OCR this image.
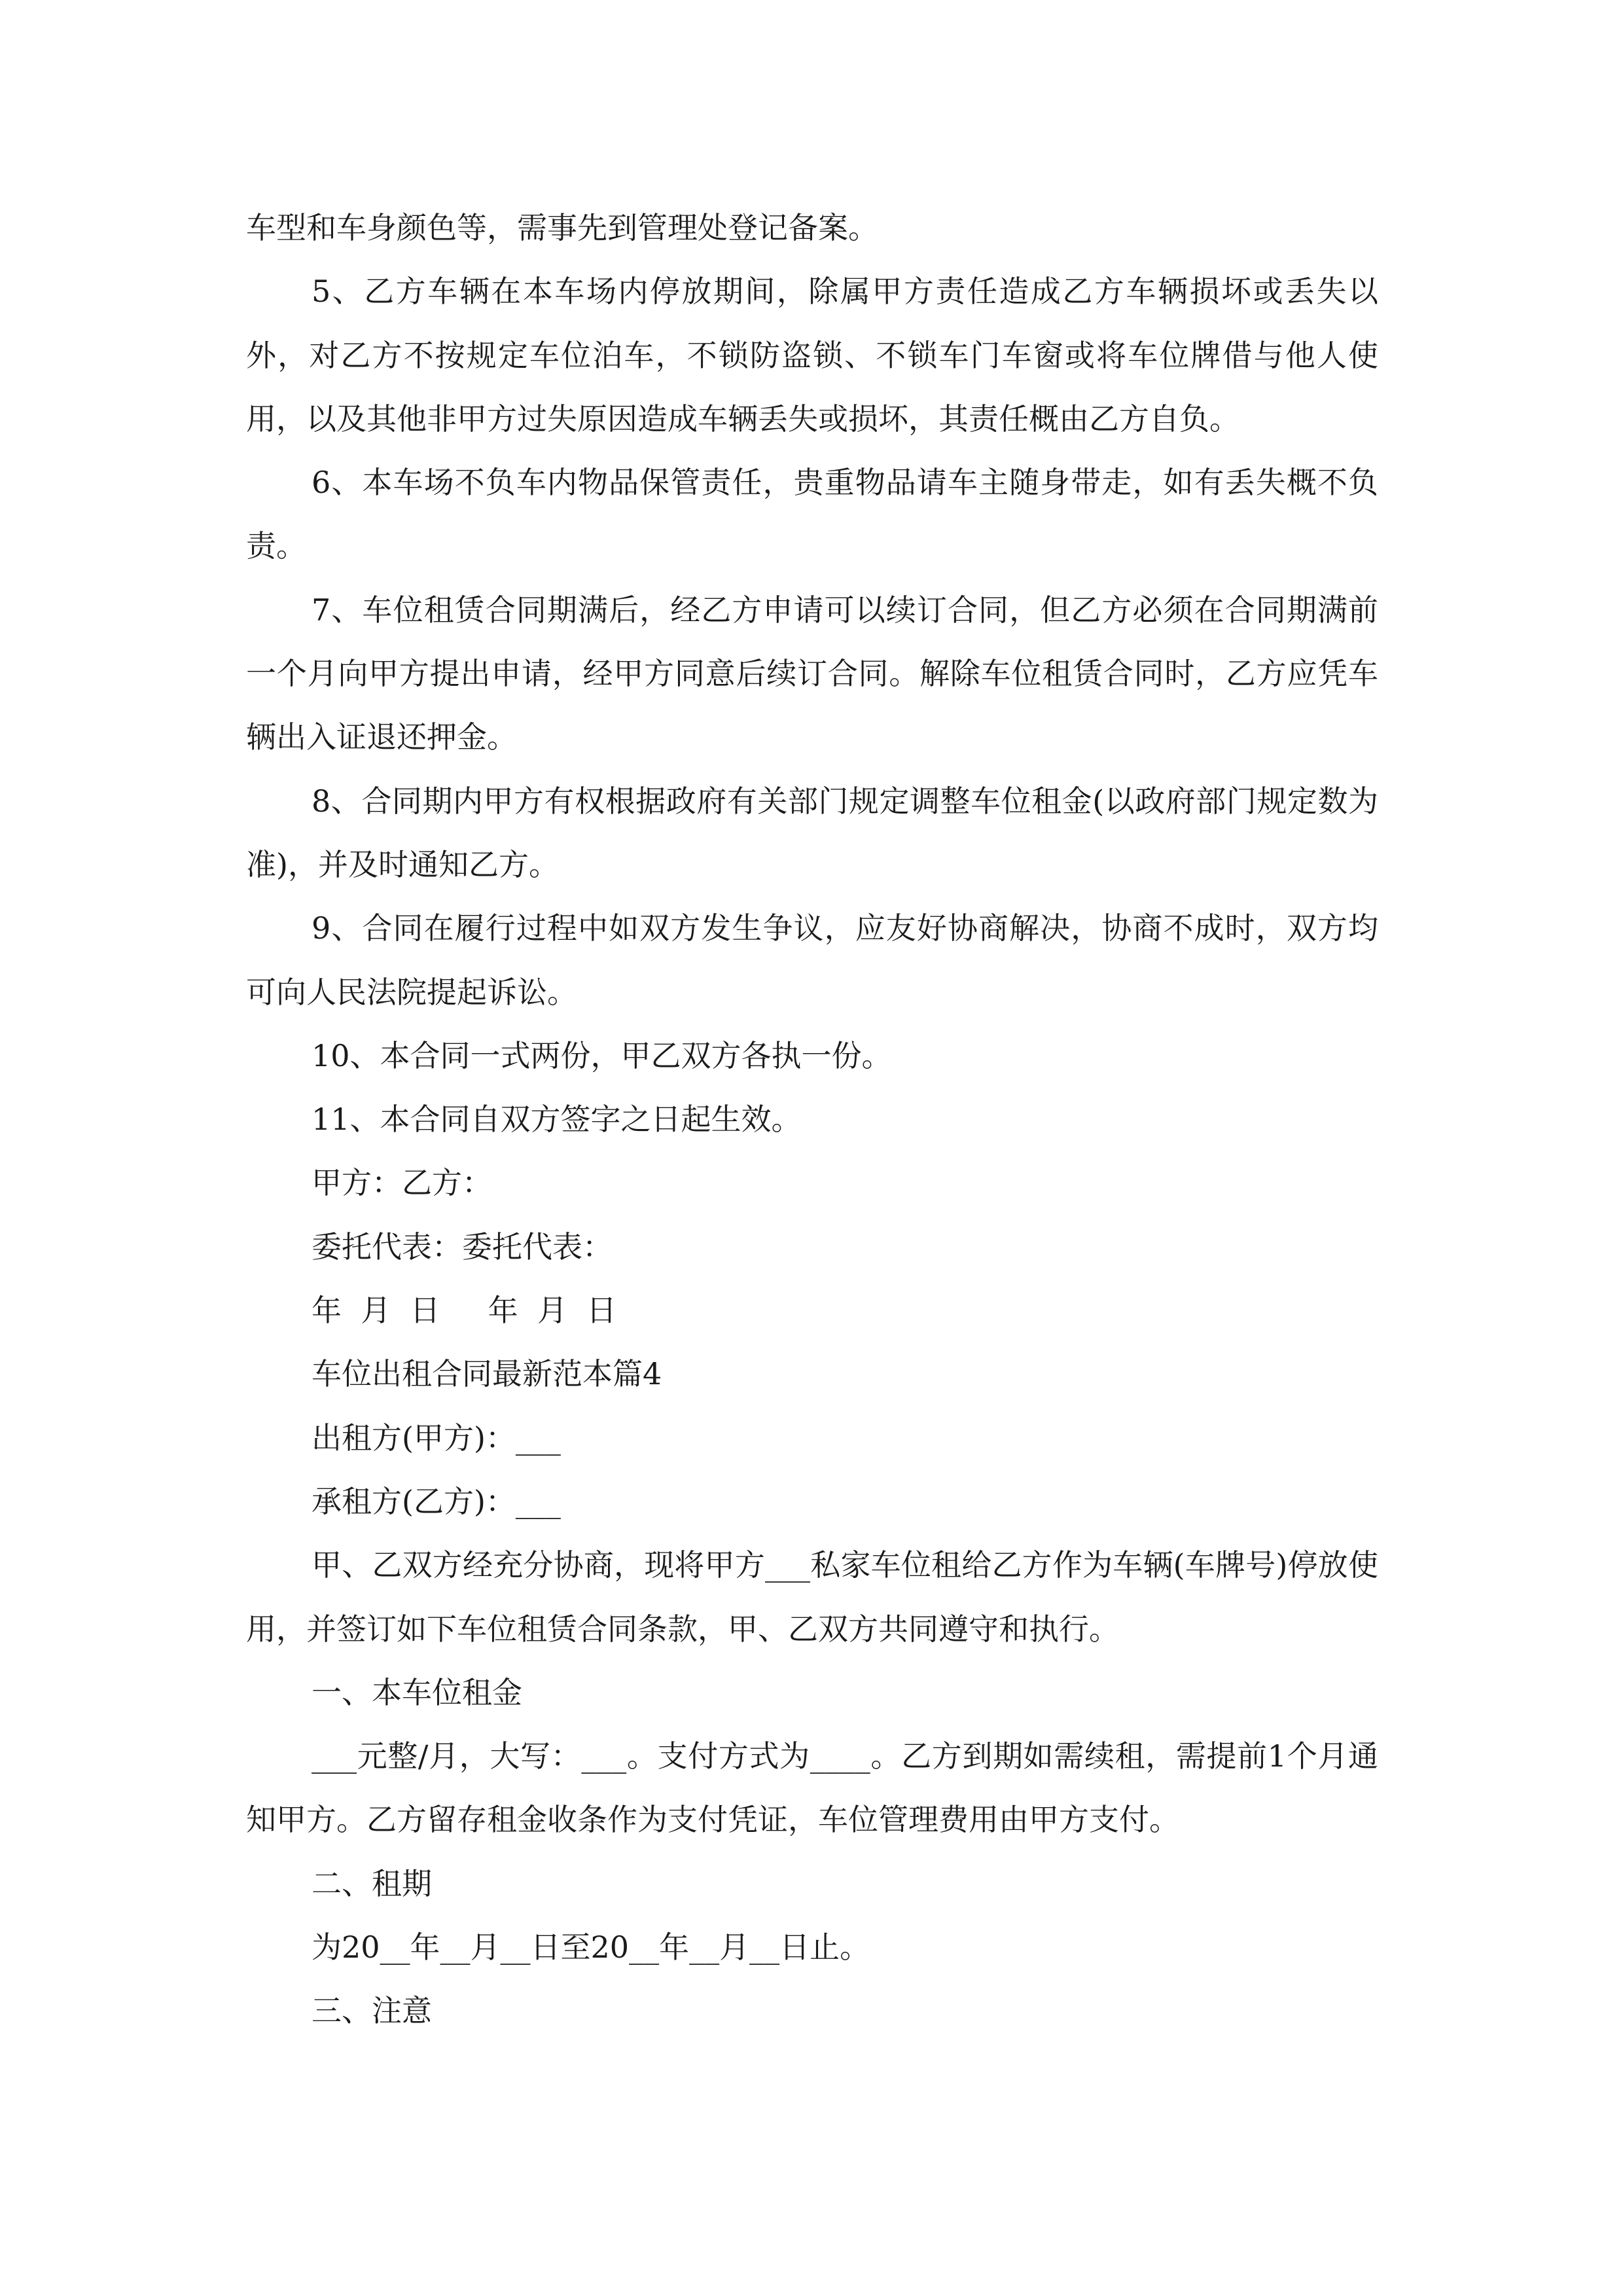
车型和车身颜色等，需事先到管理处登记备案。

5、乙方车辆在本车场内停放期间，除属甲方责任造成乙方车辆损坏或丢失以外，对乙方不按规定车位泊车，不锁防盗锁、不锁车门车窗或将车位牌借与他人使用，以及其他非甲方过失原因造成车辆丢失或损坏，其责任概由乙方自负。

6、本车场不负车内物品保管责任，贵重物品请车主随身带走，如有丢失概不负责。

7、车位租赁合同期满后，经乙方申请可以续订合同，但乙方必须在合同期满前一个月向甲方提出申请，经甲方同意后续订合同。解除车位租赁合同时，乙方应凭车辆出入证退还押金。

8、合同期内甲方有权根据政府有关部门规定调整车位租金(以政府部门规定数为准)，并及时通知乙方。

9、合同在履行过程中如双方发生争议，应友好协商解决，协商不成时，双方均可向人民法院提起诉讼。

10、本合同一式两份，甲乙双方各执一份。

11、本合同自双方签字之日起生效。

甲方：乙方：

委托代表：委托代表：

年  月  日     年  月  日

车位出租合同最新范本篇4

出租方(甲方)：___

承租方(乙方)：___

甲、乙双方经充分协商，现将甲方___私家车位租给乙方作为车辆(车牌号)停放使用，并签订如下车位租赁合同条款，甲、乙双方共同遵守和执行。

一、本车位租金

___元整/月，大写：___。支付方式为____。乙方到期如需续租，需提前1个月通知甲方。乙方留存租金收条作为支付凭证，车位管理费用由甲方支付。

二、租期

为20__年__月__日至20__年__月__日止。

三、注意
